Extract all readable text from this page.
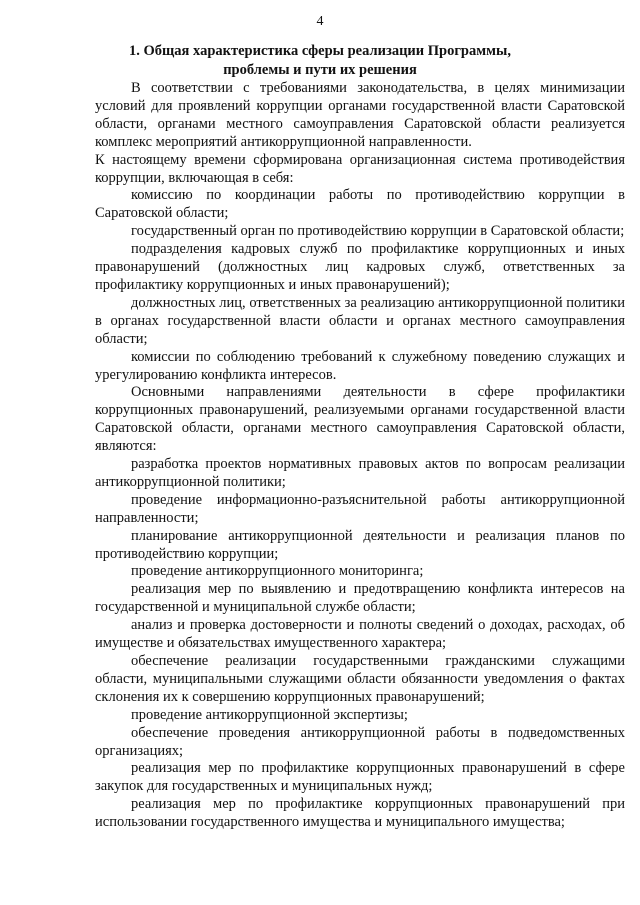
4
1. Общая характеристика сферы реализации Программы,
проблемы и пути их решения

В соответствии с требованиями законодательства, в целях минимизации условий для проявлений коррупции органами государственной власти Саратовской области, органами местного самоуправления Саратовской области реализуется комплекс мероприятий антикоррупционной направленности.

К настоящему времени сформирована организационная система противодействия коррупции, включающая в себя:

комиссию по координации работы по противодействию коррупции в Саратовской области;

государственный орган по противодействию коррупции в Саратовской области;

подразделения кадровых служб по профилактике коррупционных и иных правонарушений (должностных лиц кадровых служб, ответственных за профилактику коррупционных и иных правонарушений);

должностных лиц, ответственных за реализацию антикоррупционной политики в органах государственной власти области и органах местного самоуправления области;

комиссии по соблюдению требований к служебному поведению служащих и урегулированию конфликта интересов.

Основными направлениями деятельности в сфере профилактики коррупционных правонарушений, реализуемыми органами государственной власти Саратовской области, органами местного самоуправления Саратовской области, являются:

разработка проектов нормативных правовых актов по вопросам реализации антикоррупционной политики;

проведение информационно-разъяснительной работы антикоррупционной направленности;

планирование антикоррупционной деятельности и реализация планов по противодействию коррупции;

проведение антикоррупционного мониторинга;

реализация мер по выявлению и предотвращению конфликта интересов на государственной и муниципальной службе области;

анализ и проверка достоверности и полноты сведений о доходах, расходах, об имуществе и обязательствах имущественного характера;

обеспечение реализации государственными гражданскими служащими области, муниципальными служащими области обязанности уведомления о фактах склонения их к совершению коррупционных правонарушений;

проведение антикоррупционной экспертизы;

обеспечение проведения антикоррупционной работы в подведомственных организациях;

реализация мер по профилактике коррупционных правонарушений в сфере закупок для государственных и муниципальных нужд;

реализация мер по профилактике коррупционных правонарушений при использовании государственного имущества и муниципального имущества;
